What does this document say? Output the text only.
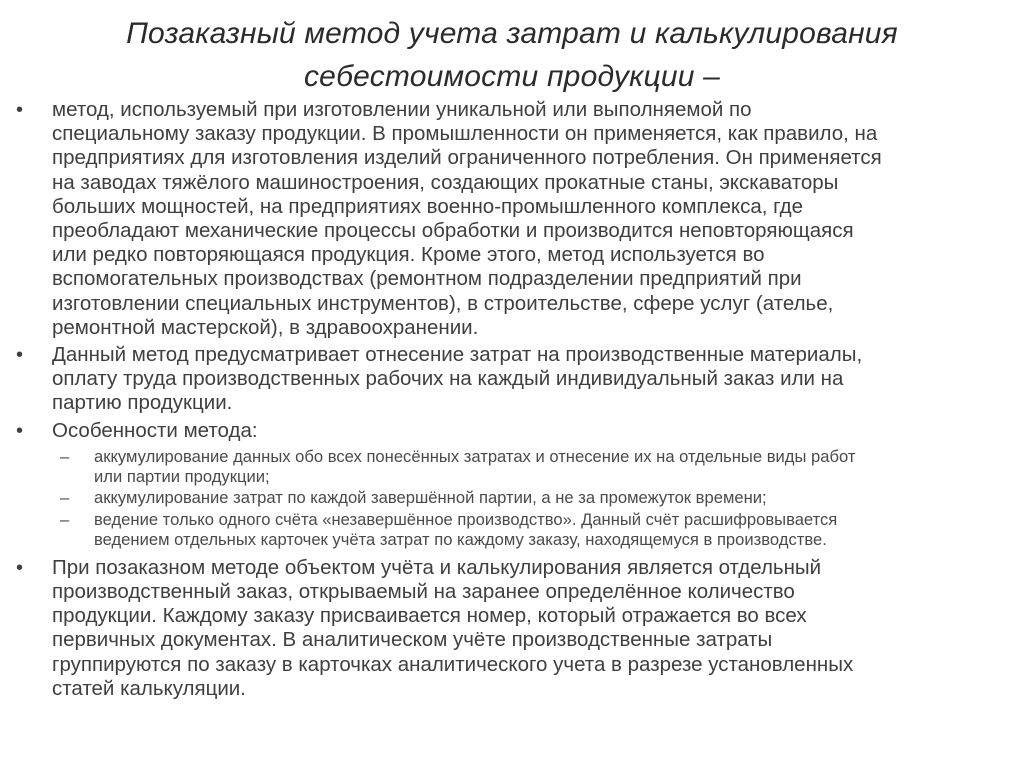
Позаказный метод учета затрат и калькулирования
себестоимости продукции –
• метод, используемый при изготовлении уникальной или выполняемой по
специальному заказу продукции. В промышленности он применяется, как правило, на
предприятиях для изготовления изделий ограниченного потребления. Он применяется
на заводах тяжёлого машиностроения, создающих прокатные станы, экскаваторы
больших мощностей, на предприятиях военно-промышленного комплекса, где
преобладают механические процессы обработки и производится неповторяющаяся
или редко повторяющаяся продукция. Кроме этого, метод используется во
вспомогательных производствах (ремонтном подразделении предприятий при
изготовлении специальных инструментов), в строительстве, сфере услуг (ателье,
ремонтной мастерской), в здравоохранении.
• Данный метод предусматривает отнесение затрат на производственные материалы,
оплату труда производственных рабочих на каждый индивидуальный заказ или на
партию продукции.
• Особенности метода:
– аккумулирование данных обо всех понесённых затратах и отнесение их на отдельные виды работ
или партии продукции;
– аккумулирование затрат по каждой завершённой партии, а не за промежуток времени;
– ведение только одного счёта «незавершённое производство». Данный счёт расшифровывается
ведением отдельных карточек учёта затрат по каждому заказу, находящемуся в производстве.
• При позаказном методе объектом учёта и калькулирования является отдельный
производственный заказ, открываемый на заранее определённое количество
продукции. Каждому заказу присваивается номер, который отражается во всех
первичных документах. В аналитическом учёте производственные затраты
группируются по заказу в карточках аналитического учета в разрезе установленных
статей калькуляции.
